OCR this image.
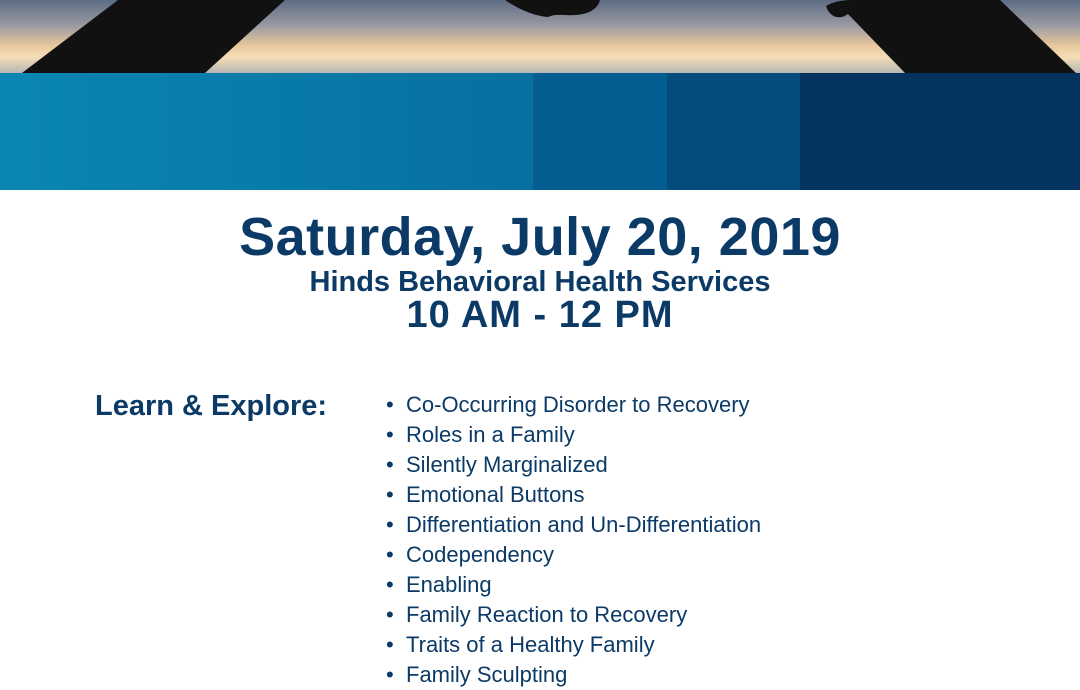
Saturday, July 20, 2019
Hinds Behavioral Health Services
10 AM - 12 PM
Learn & Explore:
•	Co-Occurring Disorder to Recovery
• Roles in a Family
• Silently Marginalized
• Emotional Buttons
• Differentiation and Un-Differentiation
• Codependency
• Enabling
• Family Reaction to Recovery
• Traits of a Healthy Family
• Family Sculpting
